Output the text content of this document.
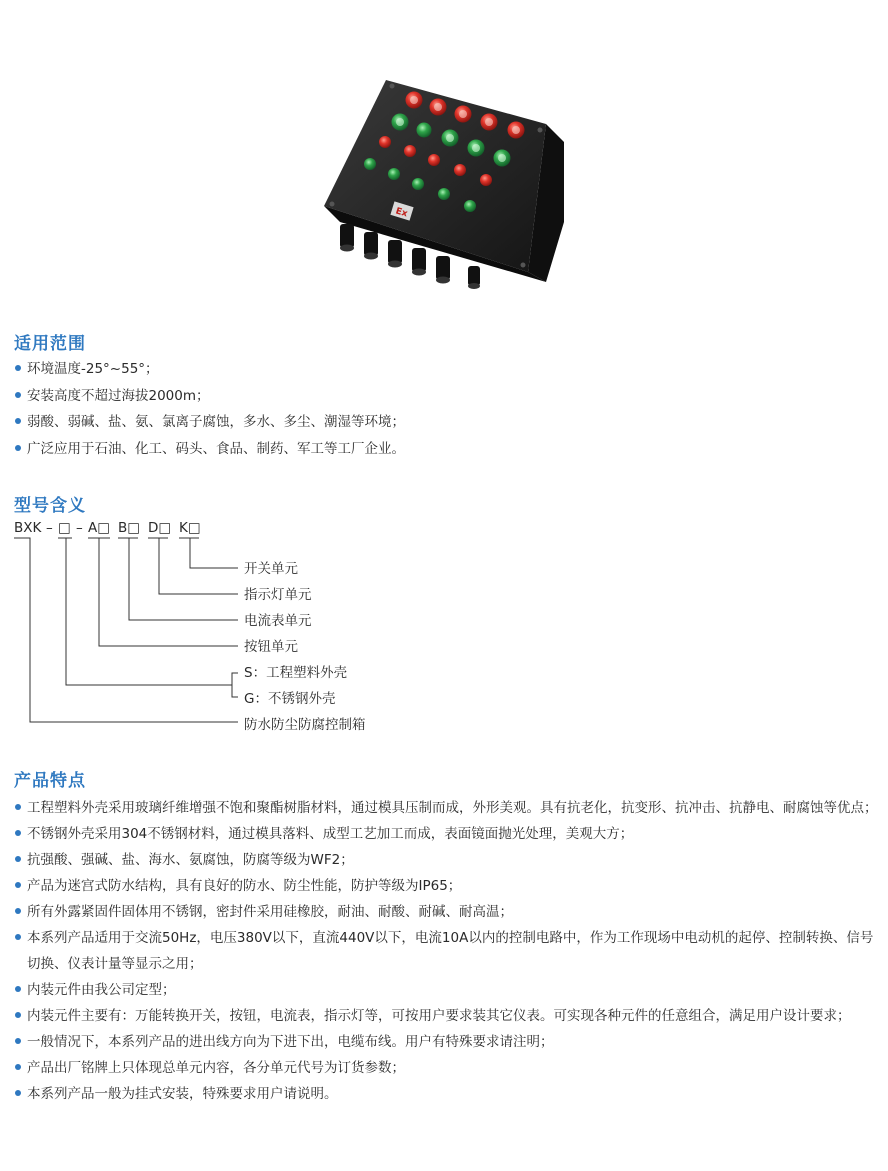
Ex
适用范围
环境温度-25°~55°；
安装高度不超过海拔2000m；
弱酸、弱碱、盐、氨、氯离子腐蚀，多水、多尘、潮湿等环境；
广泛应用于石油、化工、码头、食品、制药、军工等工厂企业。
型号含义
BXK – □ – A□ B□ D□ K□
开关单元
指示灯单元
电流表单元
按钮单元
S：工程塑料外壳
G：不锈钢外壳
防水防尘防腐控制箱
产品特点
工程塑料外壳采用玻璃纤维增强不饱和聚酯树脂材料，通过模具压制而成，外形美观。具有抗老化，抗变形、抗冲击、抗静电、耐腐蚀等优点；
不锈钢外壳采用304不锈钢材料，通过模具落料、成型工艺加工而成，表面镜面抛光处理，美观大方；
抗强酸、强碱、盐、海水、氨腐蚀，防腐等级为WF2；
产品为迷宫式防水结构，具有良好的防水、防尘性能，防护等级为IP65；
所有外露紧固件固体用不锈钢，密封件采用硅橡胶，耐油、耐酸、耐碱、耐高温；
本系列产品适用于交流50Hz，电压380V以下，直流440V以下，电流10A以内的控制电路中，作为工作现场中电动机的起停、控制转换、信号切换、仪表计量等显示之用；
内装元件由我公司定型；
内装元件主要有：万能转换开关，按钮，电流表，指示灯等，可按用户要求装其它仪表。可实现各种元件的任意组合，满足用户设计要求；
一般情况下，本系列产品的进出线方向为下进下出，电缆布线。用户有特殊要求请注明；
产品出厂铭牌上只体现总单元内容，各分单元代号为订货参数；
本系列产品一般为挂式安装，特殊要求用户请说明。
